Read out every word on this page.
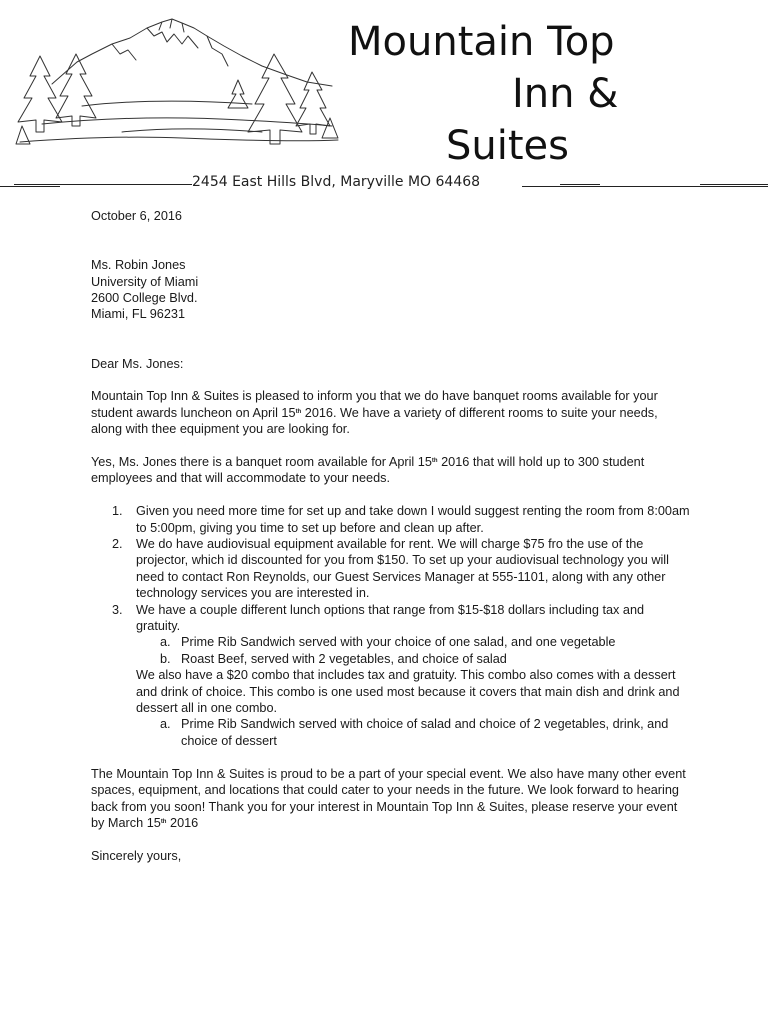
Mountain Top
Inn &
Suites
2454 East Hills Blvd, Maryville MO 64468

October 6, 2016

Ms. Robin Jones

University of Miami

2600 College Blvd.

Miami, FL 96231

Dear Ms. Jones:

Mountain Top Inn & Suites is pleased to inform you that we do have banquet rooms available for your student awards luncheon on April 15th 2016. We have a variety of different rooms to suite your needs, along with thee equipment you are looking for.

Yes, Ms. Jones there is a banquet room available for April 15th 2016 that will hold up to 300 student employees and that will accommodate to your needs.

1. Given you need more time for set up and take down I would suggest renting the room from 8:00am to 5:00pm, giving you time to set up before and clean up after.
2. We do have audiovisual equipment available for rent. We will charge $75 fro the use of the projector, which id discounted for you from $150. To set up your audiovisual technology you will need to contact Ron Reynolds, our Guest Services Manager at 555-1101, along with any other technology services you are interested in.
3. We have a couple different lunch options that range from $15-$18 dollars including tax and gratuity.
a. Prime Rib Sandwich served with your choice of one salad, and one vegetable
b. Roast Beef, served with 2 vegetables, and choice of salad

We also have a $20 combo that includes tax and gratuity. This combo also comes with a dessert and drink of choice. This combo is one used most because it covers that main dish and drink and dessert all in one combo.

a. Prime Rib Sandwich served with choice of salad and choice of 2 vegetables, drink, and choice of dessert

The Mountain Top Inn & Suites is proud to be a part of your special event. We also have many other event spaces, equipment, and locations that could cater to your needs in the future. We look forward to hearing back from you soon! Thank you for your interest in Mountain Top Inn & Suites, please reserve your event by March 15th 2016

Sincerely yours,
